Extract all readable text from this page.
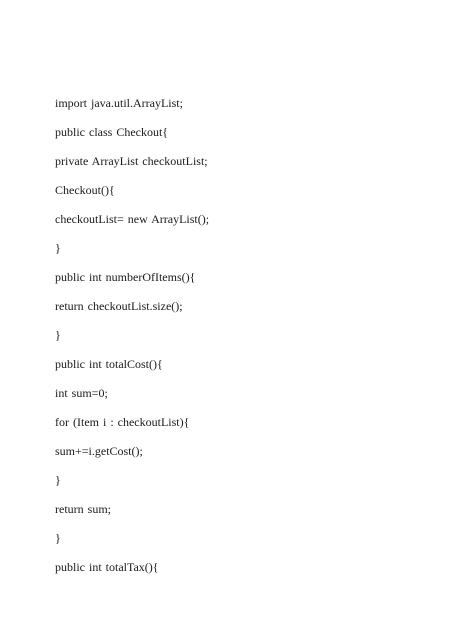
import java.util.ArrayList;
public class Checkout{
private ArrayList checkoutList;
Checkout(){
checkoutList= new ArrayList();
}
public int numberOfItems(){
return checkoutList.size();
}
public int totalCost(){
int sum=0;
for (Item i : checkoutList){
sum+=i.getCost();
}
return sum;
}
public int totalTax(){
